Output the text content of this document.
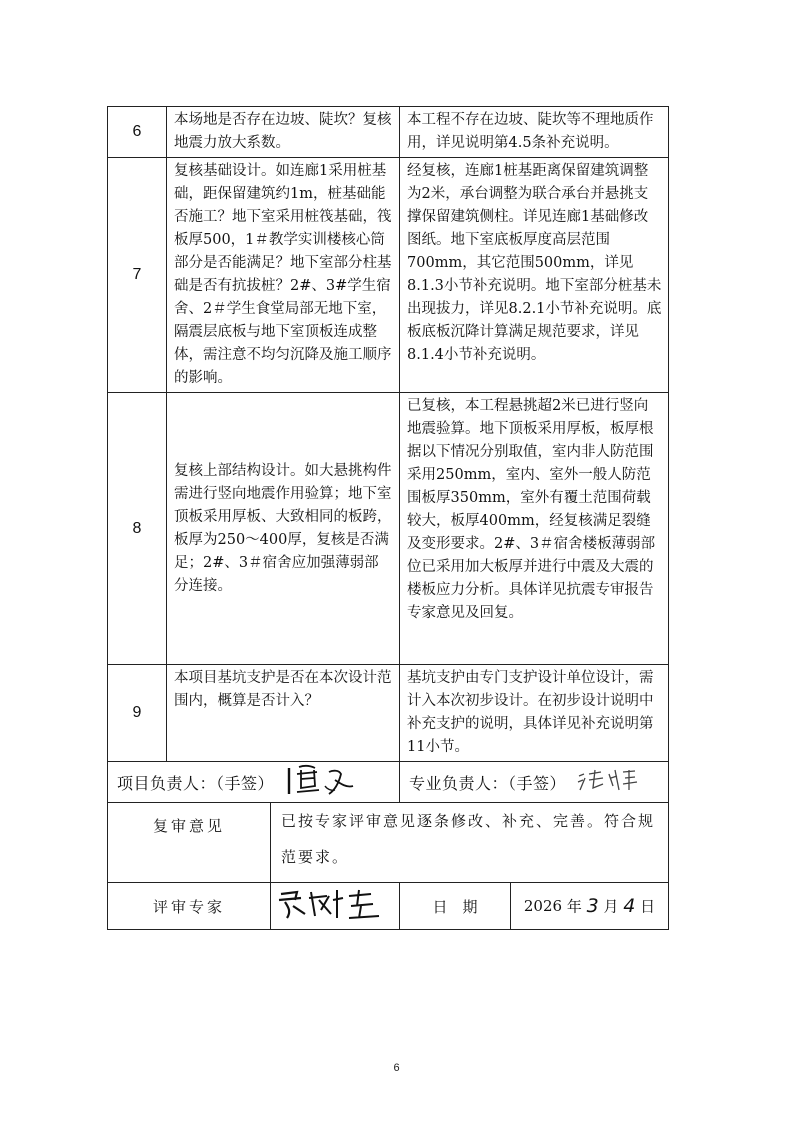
6	本场地是否存在边坡、陡坎？复核地震力放大系数。		本工程不存在边坡、陡坎等不理地质作用，详见说明第4.5条补充说明。	
7	复核基础设计。如连廊1采用桩基础，距保留建筑约1m，桩基础能否施工？地下室采用桩筏基础，筏板厚500，1＃教学实训楼核心筒部分是否能满足？地下室部分柱基础是否有抗拔桩？2#、3#学生宿舍、2＃学生食堂局部无地下室，隔震层底板与地下室顶板连成整体，需注意不均匀沉降及施工顺序的影响。		经复核，连廊1桩基距离保留建筑调整为2米，承台调整为联合承台并悬挑支撑保留建筑侧柱。详见连廊1基础修改图纸。地下室底板厚度高层范围700mm，其它范围500mm，详见8.1.3小节补充说明。地下室部分桩基未出现拔力，详见8.2.1小节补充说明。底板底板沉降计算满足规范要求，详见8.1.4小节补充说明。	
8	复核上部结构设计。如大悬挑构件需进行竖向地震作用验算；地下室顶板采用厚板、大致相同的板跨，板厚为250～400厚，复核是否满足；2#、3＃宿舍应加强薄弱部分连接。		已复核，本工程悬挑超2米已进行竖向地震验算。地下顶板采用厚板，板厚根据以下情况分别取值，室内非人防范围采用250mm，室内、室外一般人防范围板厚350mm，室外有覆土范围荷载较大，板厚400mm，经复核满足裂缝及变形要求。2#、3＃宿舍楼板薄弱部位已采用加大板厚并进行中震及大震的楼板应力分析。具体详见抗震专审报告专家意见及回复。	
9	本项目基坑支护是否在本次设计范围内，概算是否计入？		基坑支护由专门支护设计单位设计，需计入本次初步设计。在初步设计说明中补充支护的说明，具体详见补充说明第11小节。	
项目负责人：（手签）			专业负责人：（手签）	
复审意见		已按专家评审意见逐条修改、补充、完善。符合规范要求。		
评审专家			日　期	2026 年 3 月 4 日
6
